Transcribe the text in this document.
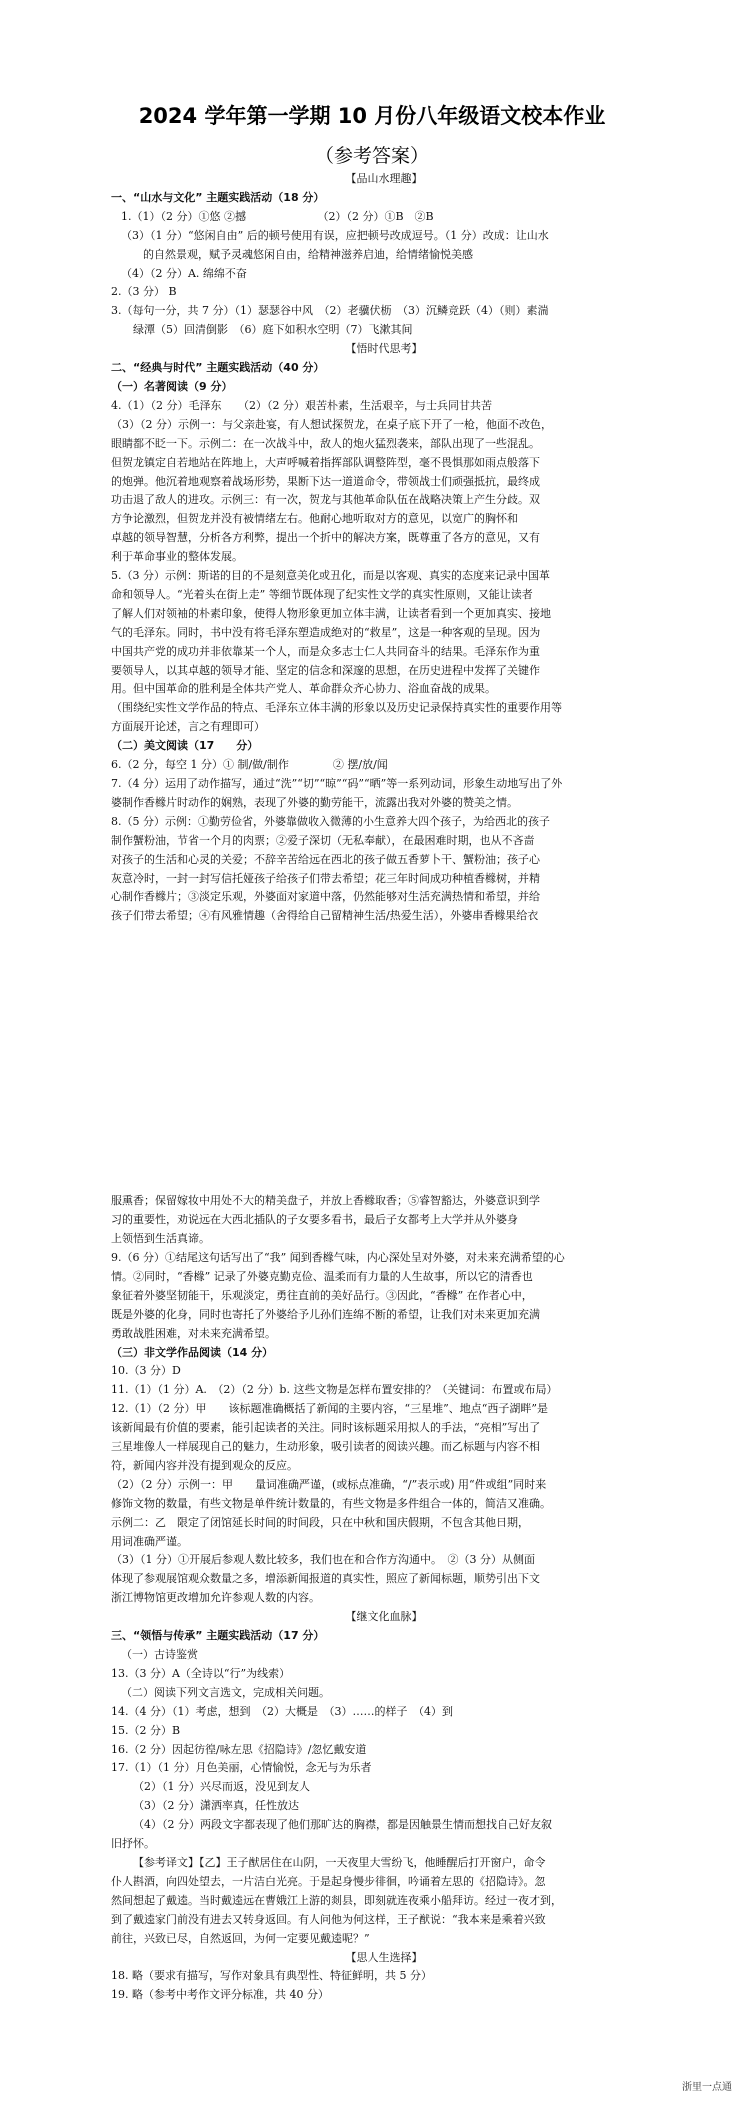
2024 学年第一学期 10 月份八年级语文校本作业
（参考答案）
【品山水理趣】
一、“山水与文化” 主题实践活动（18 分）
1.（1）（2 分）①悠 ②撼　　　　　　　（2）（2 分）①B　②B
（3）（1 分）“悠闲自由” 后的顿号使用有误，应把顿号改成逗号。（1 分）改成：让山水
的自然景观，赋予灵魂悠闲自由，给精神滋养启迪，给情绪愉悦美感
（4）（2 分）A. 绵绵不奋
2.（3 分） B
3.（每句一分，共 7 分）（1）瑟瑟谷中风　（2）老骥伏枥　（3）沉鳞竞跃（4）（则）素湍
绿潭（5）回清倒影　（6）庭下如积水空明（7）飞漱其间
【悟时代思考】
二、“经典与时代” 主题实践活动（40 分）
（一）名著阅读（9 分）
4.（1）（2 分）毛泽东　　（2）（2 分）艰苦朴素，生活艰辛，与士兵同甘共苦
（3）（2 分）示例一：与父亲赴宴，有人想试探贺龙，在桌子底下开了一枪，他面不改色，
眼睛都不眨一下。示例二：在一次战斗中，敌人的炮火猛烈袭来，部队出现了一些混乱。
但贺龙镇定自若地站在阵地上，大声呼喊着指挥部队调整阵型，毫不畏惧那如雨点般落下
的炮弹。他沉着地观察着战场形势，果断下达一道道命令，带领战士们顽强抵抗，最终成
功击退了敌人的进攻。示例三：有一次，贺龙与其他革命队伍在战略决策上产生分歧。双
方争论激烈，但贺龙并没有被情绪左右。他耐心地听取对方的意见，以宽广的胸怀和
卓越的领导智慧，分析各方利弊，提出一个折中的解决方案，既尊重了各方的意见，又有
利于革命事业的整体发展。
5.（3 分）示例：斯诺的目的不是刻意美化或丑化，而是以客观、真实的态度来记录中国革
命和领导人。“光着头在街上走” 等细节既体现了纪实性文学的真实性原则，又能让读者
了解人们对领袖的朴素印象，使得人物形象更加立体丰满，让读者看到一个更加真实、接地
气的毛泽东。同时，书中没有将毛泽东塑造成绝对的“救星”，这是一种客观的呈现。因为
中国共产党的成功并非依靠某一个人，而是众多志士仁人共同奋斗的结果。毛泽东作为重
要领导人，以其卓越的领导才能、坚定的信念和深邃的思想，在历史进程中发挥了关键作
用。但中国革命的胜利是全体共产党人、革命群众齐心协力、浴血奋战的成果。
（围绕纪实性文学作品的特点、毛泽东立体丰满的形象以及历史记录保持真实性的重要作用等
方面展开论述，言之有理即可）
（二）美文阅读（17　　分）
6.（2 分，每空 1 分）① 制/做/制作　　　　② 摆/放/闻
7.（4 分）运用了动作描写，通过“洗”“切”“晾”“码”“晒”等一系列动词，形象生动地写出了外
婆制作香橼片时动作的娴熟，表现了外婆的勤劳能干，流露出我对外婆的赞美之情。
8.（5 分）示例：①勤劳俭省，外婆靠做收入微薄的小生意养大四个孩子，为给西北的孩子
制作蟹粉油，节省一个月的肉票；②爱子深切（无私奉献），在最困难时期，也从不吝啬
对孩子的生活和心灵的关爱；不辞辛苦给远在西北的孩子做五香萝卜干、蟹粉油；孩子心
灰意冷时，一封一封写信托娅孩子给孩子们带去希望；花三年时间成功种植香橼树，并精
心制作香橼片；③淡定乐观，外婆面对家道中落，仍然能够对生活充满热情和希望，并给
孩子们带去希望；④有风雅情趣（舍得给自己留精神生活/热爱生活），外婆串香橼果给衣
服熏香；保留嫁妆中用处不大的精美盘子，并放上香橼取香；⑤睿智豁达，外婆意识到学
习的重要性，劝说远在大西北插队的子女要多看书，最后子女都考上大学并从外婆身
上领悟到生活真谛。
9.（6 分）①结尾这句话写出了“我” 闻到香橼气味，内心深处呈对外婆，对未来充满希望的心
情。②同时，“香橼” 记录了外婆克勤克俭、温柔而有力量的人生故事，所以它的清香也
象征着外婆坚韧能干，乐观淡定，勇往直前的美好品行。③因此，“香橼” 在作者心中，
既是外婆的化身，同时也寄托了外婆给予儿孙们连绵不断的希望，让我们对未来更加充满
勇敢战胜困难，对未来充满希望。
（三）非文学作品阅读（14 分）
10.（3 分）D
11.（1）（1 分）A.　（2）（2 分）b. 这些文物是怎样布置安排的？（关键词：布置或布局）
12.（1）（2 分）甲　　该标题准确概括了新闻的主要内容，“三星堆”、地点“西子湖畔”是
该新闻最有价值的要素，能引起读者的关注。同时该标题采用拟人的手法，“亮相”写出了
三星堆像人一样展现自己的魅力，生动形象，吸引读者的阅读兴趣。而乙标题与内容不相
符，新闻内容并没有提到观众的反应。
（2）（2 分）示例一：甲　　量词准确严谨，(或标点准确，“/”表示或) 用“件或组”同时来
修饰文物的数量，有些文物是单件统计数量的，有些文物是多件组合一体的，简洁又准确。
示例二：乙　限定了闭馆延长时间的时间段，只在中秋和国庆假期，不包含其他日期，
用词准确严谨。
（3）（1 分）①开展后参观人数比较多，我们也在和合作方沟通中。　②（3 分）从侧面
体现了参观展馆观众数量之多，增添新闻报道的真实性，照应了新闻标题，顺势引出下文
浙江博物馆更改增加允许参观人数的内容。
【继文化血脉】
三、“领悟与传承” 主题实践活动（17 分）
（一）古诗鉴赏
13.（3 分）A（全诗以“行”为线索）
（二）阅读下列文言选文，完成相关问题。
14.（4 分）（1）考虑，想到　（2）大概是　（3）……的样子　（4）到
15.（2 分）B
16.（2 分）因起彷徨/咏左思《招隐诗》/忽忆戴安道
17.（1）（1 分）月色美丽，心情愉悦，念无与为乐者
（2）（1 分）兴尽而返，没见到友人
（3）（2 分）潇洒率真，任性放达
（4）（2 分）两段文字都表现了他们那旷达的胸襟，都是因触景生情而想找自己好友叙
旧抒怀。
【参考译文】【乙】王子猷居住在山阴，一天夜里大雪纷飞，他睡醒后打开窗户，命令
仆人斟酒，向四处望去，一片洁白光亮。于是起身慢步徘徊，吟诵着左思的《招隐诗》。忽
然间想起了戴逵。当时戴逵远在曹娥江上游的剡县，即刻就连夜乘小船拜访。经过一夜才到，
到了戴逵家门前没有进去又转身返回。有人问他为何这样，王子猷说：“我本来是乘着兴致
前往，兴致已尽，自然返回，为何一定要见戴逵呢？”
【思人生选择】
18. 略（要求有描写，写作对象具有典型性、特征鲜明，共 5 分）
19. 略（参考中考作文评分标准，共 40 分）
浙里一点通
